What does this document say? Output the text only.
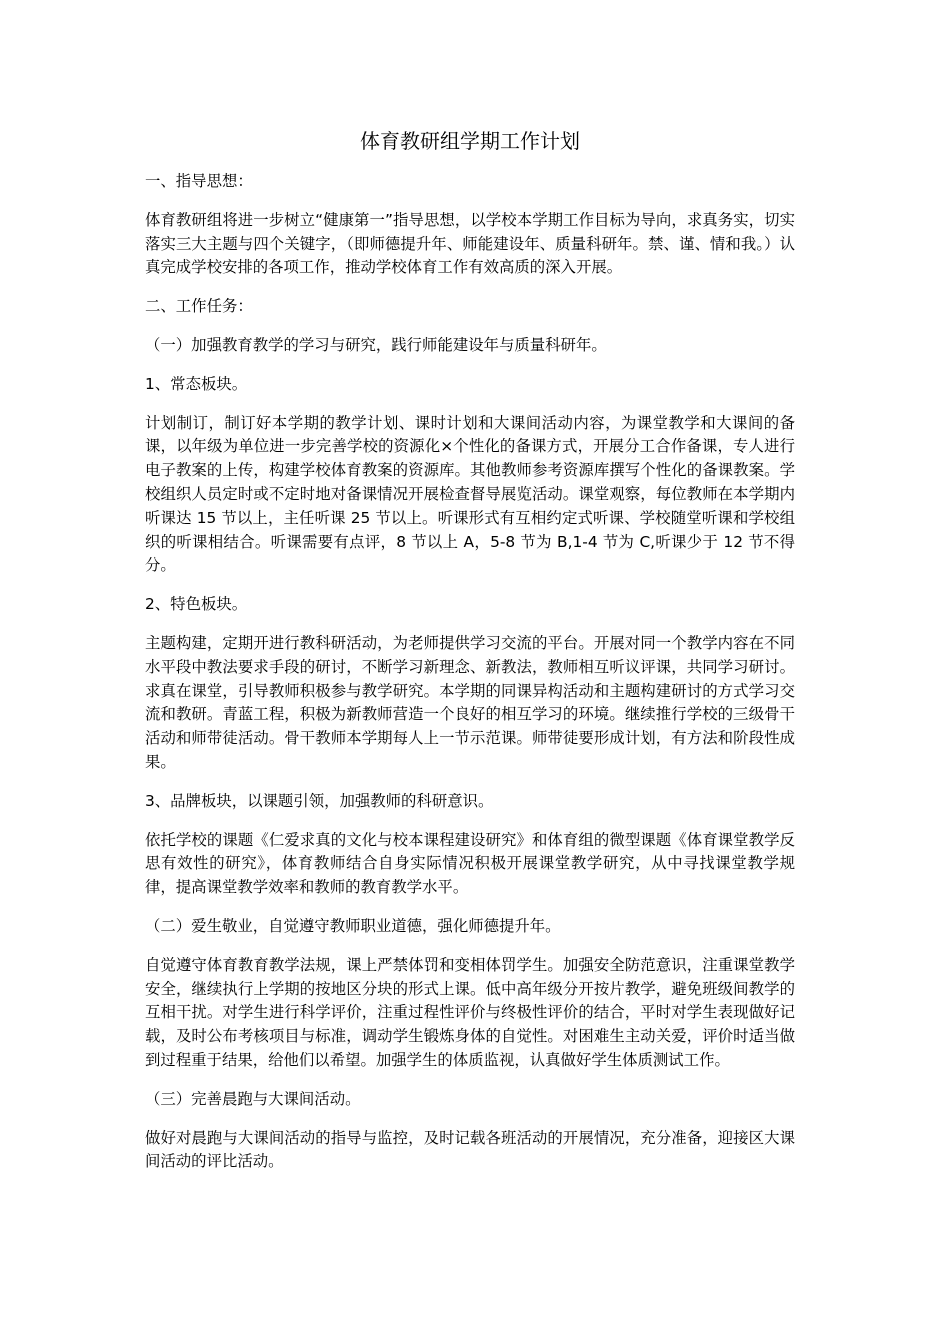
体育教研组学期工作计划
一、指导思想：
体育教研组将进一步树立“健康第一”指导思想，以学校本学期工作目标为导向，求真务实，切实落实三大主题与四个关键字，（即师德提升年、师能建设年、质量科研年。禁、谨、情和我。）认真完成学校安排的各项工作，推动学校体育工作有效高质的深入开展。
二、工作任务：
（一）加强教育教学的学习与研究，践行师能建设年与质量科研年。
1、常态板块。
计划制订，制订好本学期的教学计划、课时计划和大课间活动内容，为课堂教学和大课间的备课，以年级为单位进一步完善学校的资源化×个性化的备课方式，开展分工合作备课，专人进行电子教案的上传，构建学校体育教案的资源库。其他教师参考资源库撰写个性化的备课教案。学校组织人员定时或不定时地对备课情况开展检查督导展览活动。课堂观察，每位教师在本学期内听课达 15 节以上，主任听课 25 节以上。听课形式有互相约定式听课、学校随堂听课和学校组织的听课相结合。听课需要有点评，8 节以上 A，5-8 节为 B,1-4 节为 C,听课少于 12 节不得分。
2、特色板块。
主题构建，定期开进行教科研活动，为老师提供学习交流的平台。开展对同一个教学内容在不同水平段中教法要求手段的研讨，不断学习新理念、新教法，教师相互听议评课，共同学习研讨。求真在课堂，引导教师积极参与教学研究。本学期的同课异构活动和主题构建研讨的方式学习交流和教研。青蓝工程，积极为新教师营造一个良好的相互学习的环境。继续推行学校的三级骨干活动和师带徒活动。骨干教师本学期每人上一节示范课。师带徒要形成计划，有方法和阶段性成果。
3、品牌板块，以课题引领，加强教师的科研意识。
依托学校的课题《仁爱求真的文化与校本课程建设研究》和体育组的微型课题《体育课堂教学反思有效性的研究》，体育教师结合自身实际情况积极开展课堂教学研究，从中寻找课堂教学规律，提高课堂教学效率和教师的教育教学水平。
（二）爱生敬业，自觉遵守教师职业道德，强化师德提升年。
自觉遵守体育教育教学法规，课上严禁体罚和变相体罚学生。加强安全防范意识，注重课堂教学安全，继续执行上学期的按地区分块的形式上课。低中高年级分开按片教学，避免班级间教学的互相干扰。对学生进行科学评价，注重过程性评价与终极性评价的结合，平时对学生表现做好记载，及时公布考核项目与标准，调动学生锻炼身体的自觉性。对困难生主动关爱，评价时适当做到过程重于结果，给他们以希望。加强学生的体质监视，认真做好学生体质测试工作。
（三）完善晨跑与大课间活动。
做好对晨跑与大课间活动的指导与监控，及时记载各班活动的开展情况，充分准备，迎接区大课间活动的评比活动。
